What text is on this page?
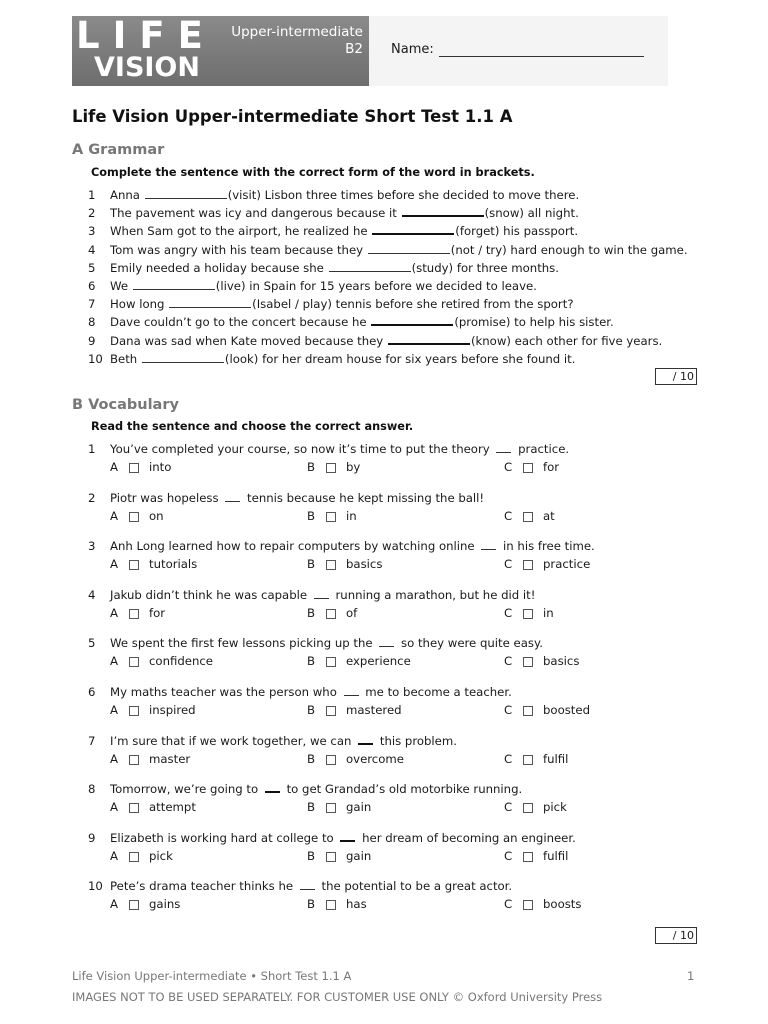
LIFE
VISION
Upper-intermediate
B2 Name:
Life Vision Upper-intermediate Short Test 1.1 A
A Grammar
Complete the sentence with the correct form of the word in brackets.
1	Anna	(visit) Lisbon three times before she decided to move there.
2	The pavement was icy and dangerous because it	(snow) all night.
3	When Sam got to the airport, he realized he	(forget) his passport.
4	Tom was angry with his team because they	(not / try) hard enough to win the game.
5	Emily needed a holiday because she	(study) for three months.
6	We	(live) in Spain for 15 years before we decided to leave.
7	How long	(Isabel / play) tennis before she retired from the sport?
8	Dave couldn’t go to the concert because he	(promise) to help his sister.
9	Dana was sad when Kate moved because they	(know) each other for five years.
10 Beth	(look) for her dream house for six years before she found it.
/ 10
B Vocabulary
Read the sentence and choose the correct answer.
1	You’ve completed your course, so now it’s time to put the theory  practice.
A	into	B	by	C	for
2	Piotr was hopeless  tennis because he kept missing the ball!
A	on	B	in	C	at
3	Anh Long learned how to repair computers by watching online  in his free time.
A	tutorials	B	basics	C	practice
4	Jakub didn’t think he was capable  running a marathon, but he did it!
A	for	B	of	C	in
5	We spent the first few lessons picking up the  so they were quite easy.
A	confidence	B	experience	C	basics
6	My maths teacher was the person who  me to become a teacher.
A	inspired	B	mastered	C	boosted
7	I’m sure that if we work together, we can  this problem.
A	master	B	overcome	C	fulfil
8	Tomorrow, we’re going to  to get Grandad’s old motorbike running.
A	attempt	B	gain	C	pick
9	Elizabeth is working hard at college to  her dream of becoming an engineer.
A	pick	B	gain	C	fulfil
10 Pete’s drama teacher thinks he  the potential to be a great actor.
A	gains	B	has	C	boosts
/ 10
Life Vision Upper-intermediate • Short Test 1.1 A	1
IMAGES NOT TO BE USED SEPARATELY. FOR CUSTOMER USE ONLY © Oxford University Press
